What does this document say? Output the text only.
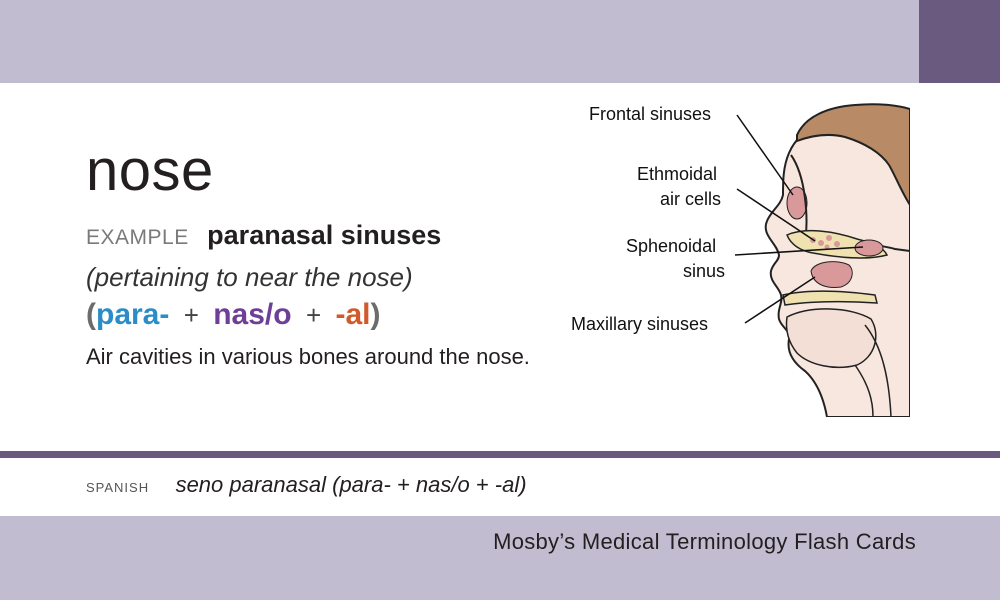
nose
EXAMPLE paranasal sinuses
(pertaining to near the nose)
(para- + nas/o + -al)
Air cavities in various bones around the nose.
Frontal sinuses
Ethmoidal
air cells
Sphenoidal
sinus
Maxillary sinuses
SPANISH seno paranasal (para- + nas/o + -al)
Mosby’s Medical Terminology Flash Cards
